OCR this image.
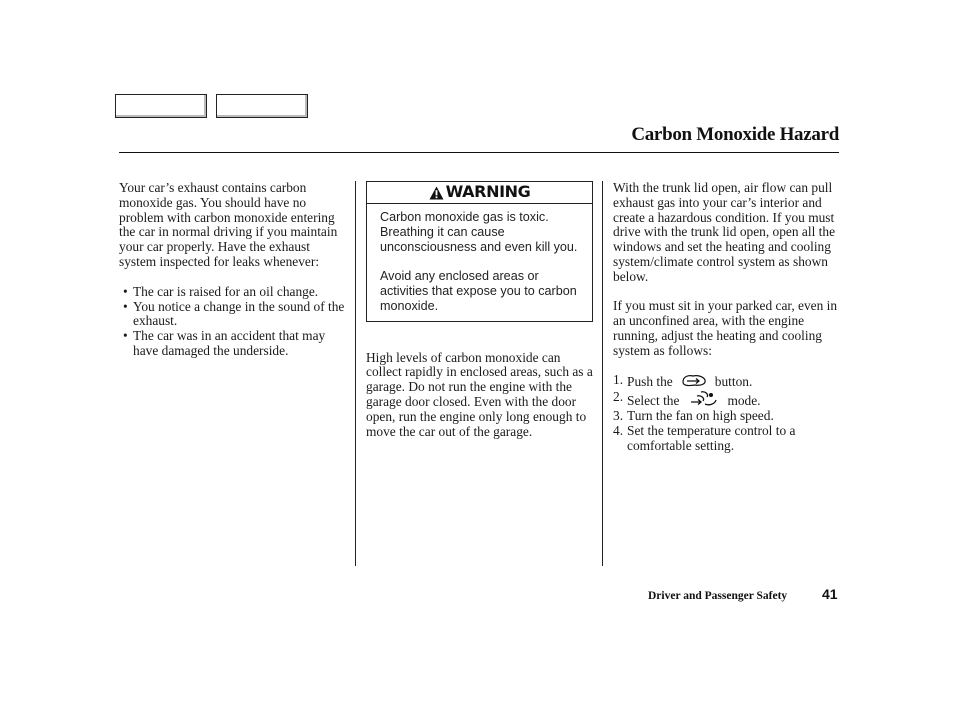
Carbon Monoxide Hazard

Your car’s exhaust contains carbon monoxide gas. You should have no problem with carbon monoxide entering the car in normal driving if you maintain your car properly. Have the exhaust system inspected for leaks whenever:

• The car is raised for an oil change.
• You notice a change in the sound of the exhaust.
• The car was in an accident that may have damaged the underside.
WARNING

Carbon monoxide gas is toxic. Breathing it can cause unconsciousness and even kill you.

Avoid any enclosed areas or activities that expose you to carbon monoxide.

High levels of carbon monoxide can collect rapidly in enclosed areas, such as a garage. Do not run the engine with the garage door closed. Even with the door open, run the engine only long enough to move the car out of the garage.

With the trunk lid open, air flow can pull exhaust gas into your car’s interior and create a hazardous condition. If you must drive with the trunk lid open, open all the windows and set the heating and cooling system/climate control system as shown below.

If you must sit in your parked car, even in an unconfined area, with the engine running, adjust the heating and cooling system as follows:

1. Push the	button.
2. Select the	mode.
3. Turn the fan on high speed.
4. Set the temperature control to a comfortable setting.
Driver and Passenger Safety 41
